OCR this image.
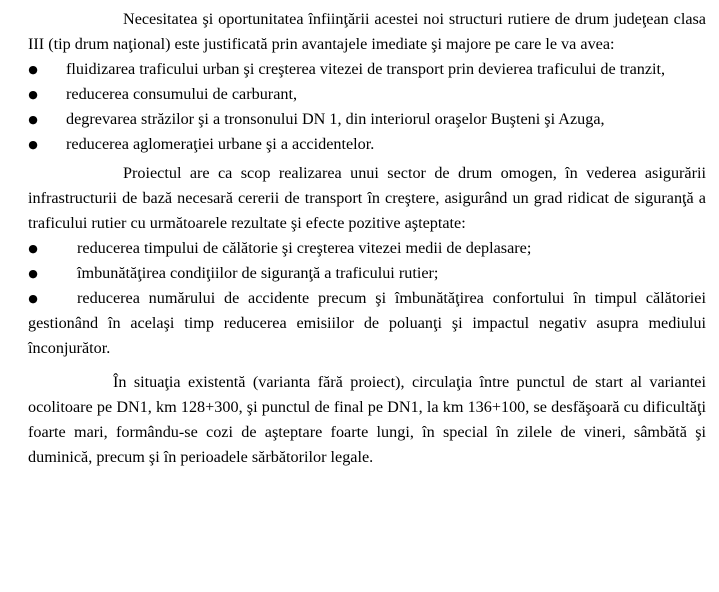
Necesitatea şi oportunitatea înfiinţării acestei noi structuri rutiere de drum judeţean clasa III (tip drum naţional) este justificată prin avantajele imediate şi majore pe care le va avea:

● fluidizarea traficului urban şi creşterea vitezei de transport prin devierea traficului de tranzit,
● reducerea consumului de carburant,
● degrevarea străzilor şi a tronsonului DN 1, din interiorul oraşelor Buşteni şi Azuga,
● reducerea aglomeraţiei urbane şi a accidentelor.

Proiectul are ca scop realizarea unui sector de drum omogen, în vederea asigurării infrastructurii de bază necesară cererii de transport în creştere, asigurând un grad ridicat de siguranţă a traficului rutier cu următoarele rezultate şi efecte pozitive aşteptate:

● reducerea timpului de călătorie şi creşterea vitezei medii de deplasare;
● îmbunătăţirea condiţiilor de siguranţă a traficului rutier;
●	reducerea numărului de accidente precum şi îmbunătăţirea confortului în timpul călătoriei gestionând în acelaşi timp reducerea emisiilor de poluanţi şi impactul negativ asupra mediului înconjurător.

În situaţia existentă (varianta fără proiect), circulaţia între punctul de start al variantei ocolitoare pe DN1, km 128+300, şi punctul de final pe DN1, la km 136+100, se desfăşoară cu dificultăţi foarte mari, formându-se cozi de aşteptare foarte lungi, în special în zilele de vineri, sâmbătă şi duminică, precum şi în perioadele sărbătorilor legale.
